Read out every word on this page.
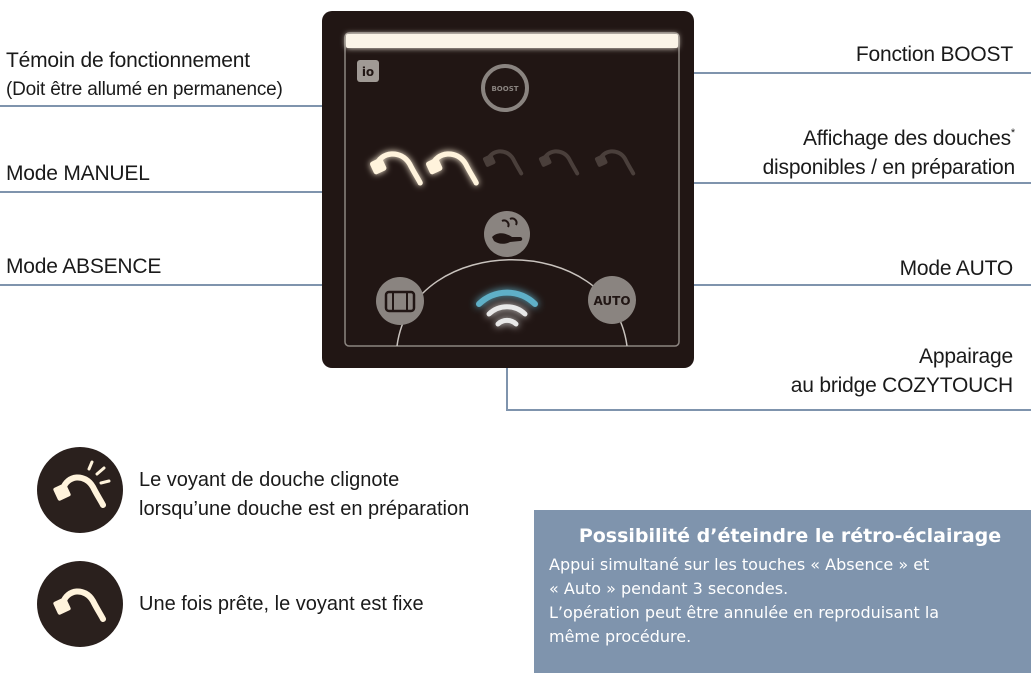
io
BOOST
AUTO
Témoin de fonctionnement
(Doit être allumé en permanence)
Mode MANUEL
Mode ABSENCE
Fonction BOOST
Affichage des douches*
disponibles / en préparation
Mode AUTO
Appairage
au bridge COZYTOUCH
Le voyant de douche clignote
lorsqu’une douche est en préparation
Une fois prête, le voyant est fixe
Possibilité d’éteindre le rétro-éclairage
Appui simultané sur les touches « Absence » et
« Auto » pendant 3 secondes.
L’opération peut être annulée en reproduisant la
même procédure.
